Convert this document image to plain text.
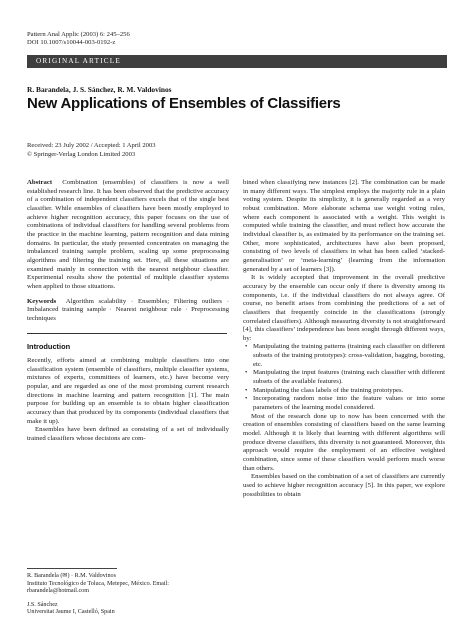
Pattern Anal Applic (2003) 6: 245–256
DOI 10.1007/s10044-003-0192-z
ORIGINAL ARTICLE
R. Barandela, J. S. Sánchez, R. M. Valdovinos
New Applications of Ensembles of Classifiers
Received: 23 July 2002 / Accepted: 1 April 2003
© Springer-Verlag London Limited 2003
Abstract Combination (ensembles) of classifiers is now a well established research line. It has been observed that the predictive accuracy of a combination of independent classifiers excels that of the single best classifier. While ensembles of classifiers have been mostly employed to achieve higher recognition accuracy, this paper focuses on the use of combinations of individual classifiers for handling several problems from the practice in the machine learning, pattern recognition and data mining domains. In particular, the study presented concentrates on managing the imbalanced training sample problem, scaling up some preprocessing algorithms and filtering the training set. Here, all these situations are examined mainly in connection with the nearest neighbour classifier. Experimental results show the potential of multiple classifier systems when applied to those situations.
Keywords Algorithm scalability · Ensembles; Filtering outliers · Imbalanced training sample · Nearest neighbour rule · Preprocessing techniques
Introduction
Recently, efforts aimed at combining multiple classifiers into one classification system (ensemble of classifiers, multiple classifier systems, mixtures of experts, committees of learners, etc.) have become very popular, and are regarded as one of the most promising current research directions in machine learning and pattern recognition [1]. The main purpose for building up an ensemble is to obtain higher classification accuracy than that produced by its components (individual classifiers that make it up).
Ensembles have been defined as consisting of a set of individually trained classifiers whose decisions are com-
R. Barandela (✉) · R.M. Valdovinos
Instituto Tecnológico de Toluca, Metepec, México. Email:
rbarandela@hotmail.com
J.S. Sánchez
Universitat Jaume I, Castelló, Spain
bined when classifying new instances [2]. The combination can be made in many different ways. The simplest employs the majority rule in a plain voting system. Despite its simplicity, it is generally regarded as a very robust combination. More elaborate schema use weight voting rules, where each component is associated with a weight. This weight is computed while training the classifier, and must reflect how accurate the individual classifier is, as estimated by its performance on the training set. Other, more sophisticated, architectures have also been proposed, consisting of two levels of classifiers in what has been called ‘stacked-generalisation’ or ‘meta-learning’ (learning from the information generated by a set of learners [3]).
It is widely accepted that improvement in the overall predictive accuracy by the ensemble can occur only if there is diversity among its components, i.e. if the individual classifiers do not always agree. Of course, no benefit arises from combining the predictions of a set of classifiers that frequently coincide in the classifications (strongly correlated classifiers). Although measuring diversity is not straightforward [4], this classifiers’ independence has been sought through different ways, by:
• Manipulating the training patterns (training each classifier on different subsets of the training prototypes): cross-validation, bagging, boosting, etc.
• Manipulating the input features (training each classifier with different subsets of the available features).
• Manipulating the class labels of the training prototypes.
• Incorporating random noise into the feature values or into some parameters of the learning model considered.
Most of the research done up to now has been concerned with the creation of ensembles consisting of classifiers based on the same learning model. Although it is likely that learning with different algorithms will produce diverse classifiers, this diversity is not guaranteed. Moreover, this approach would require the employment of an effective weighted combination, since some of these classifiers would perform much worse than others.
Ensembles based on the combination of a set of classifiers are currently used to achieve higher recognition accuracy [5]. In this paper, we explore possibilities to obtain
